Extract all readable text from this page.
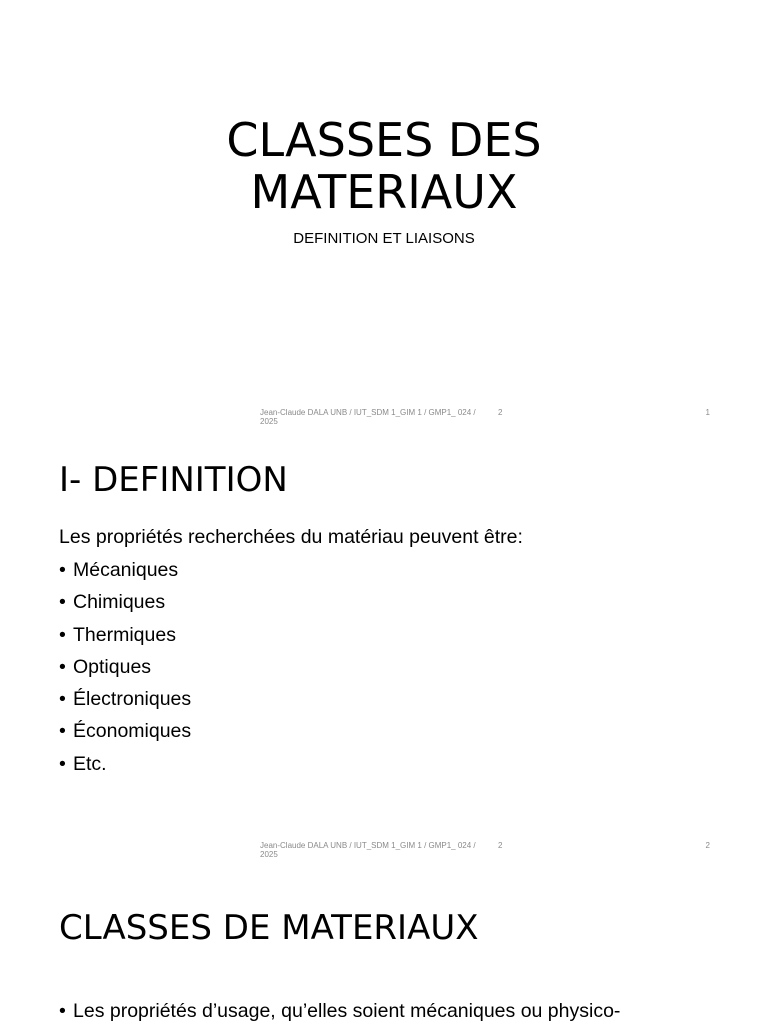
CLASSES DES
MATERIAUX
DEFINITION ET LIAISONS
Jean-Claude DALA UNB / IUT_SDM 1_GIM 1 / GMP1_ 024 / 2025
2	1
I- DEFINITION
Les propriétés recherchées du matériau peuvent être:
• Mécaniques
• Chimiques
• Thermiques
• Optiques
• Électroniques
• Économiques
• Etc.
Jean-Claude DALA UNB / IUT_SDM 1_GIM 1 / GMP1_ 024 / 2025
2	2
CLASSES DE MATERIAUX
• Les propriétés d’usage, qu’elles soient mécaniques ou physico-
